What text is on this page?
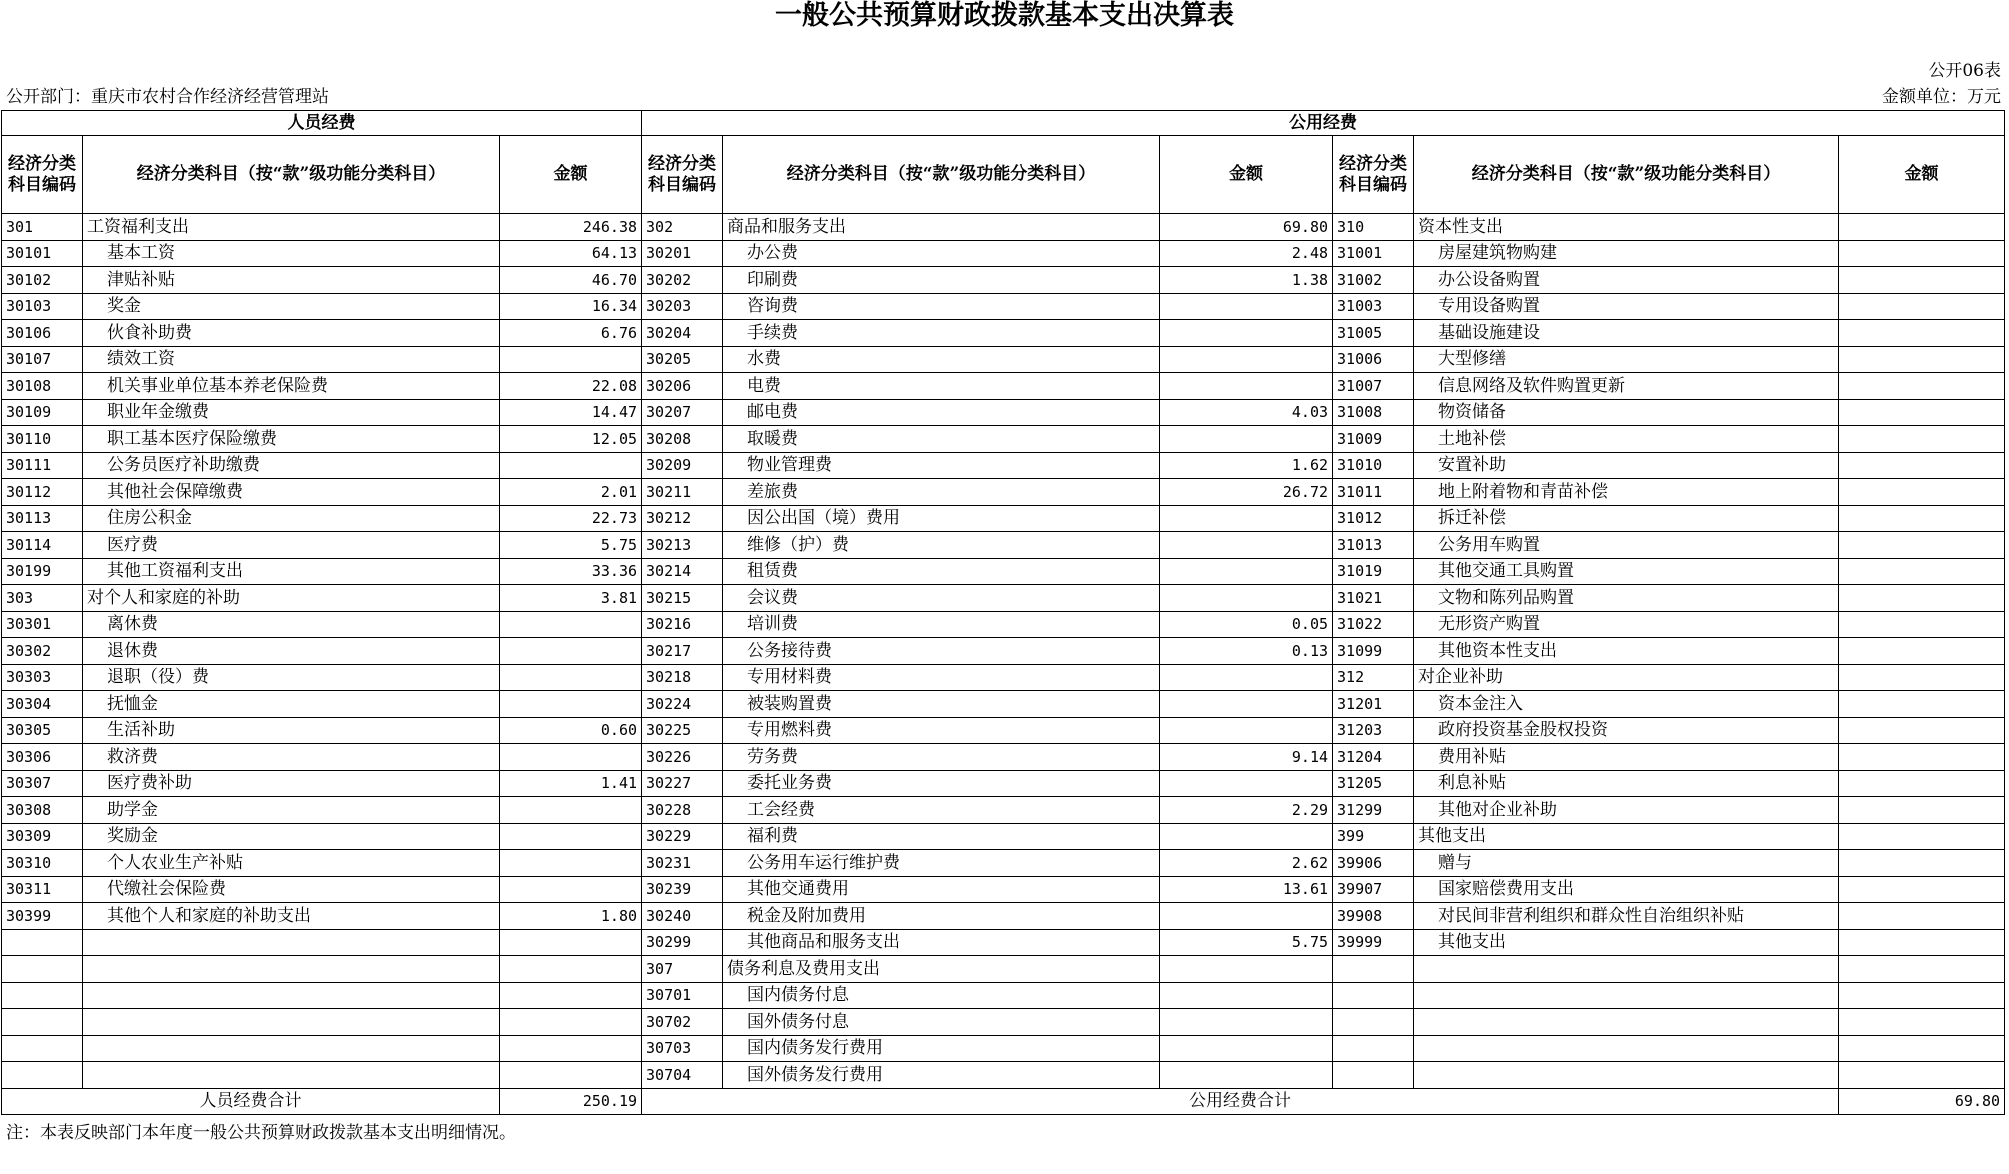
一般公共预算财政拨款基本支出决算表
公开06表
公开部门：重庆市农村合作经济经营管理站	金额单位：万元
人员经费			公用经费					
经济分类科目编码	经济分类科目（按“款”级功能分类科目）	金额	经济分类科目编码	经济分类科目（按“款”级功能分类科目）	金额	经济分类科目编码	经济分类科目（按“款”级功能分类科目）	金额
301	工资福利支出	246.38	302	商品和服务支出	69.80	310	资本性支出	
30101	基本工资	64.13	30201	办公费	2.48	31001	房屋建筑物购建	
30102	津贴补贴	46.70	30202	印刷费	1.38	31002	办公设备购置	
30103	奖金	16.34	30203	咨询费		31003	专用设备购置	
30106	伙食补助费	6.76	30204	手续费		31005	基础设施建设	
30107	绩效工资		30205	水费		31006	大型修缮	
30108	机关事业单位基本养老保险费	22.08	30206	电费		31007	信息网络及软件购置更新	
30109	职业年金缴费	14.47	30207	邮电费	4.03	31008	物资储备	
30110	职工基本医疗保险缴费	12.05	30208	取暖费		31009	土地补偿	
30111	公务员医疗补助缴费		30209	物业管理费	1.62	31010	安置补助	
30112	其他社会保障缴费	2.01	30211	差旅费	26.72	31011	地上附着物和青苗补偿	
30113	住房公积金	22.73	30212	因公出国（境）费用		31012	拆迁补偿	
30114	医疗费	5.75	30213	维修（护）费		31013	公务用车购置	
30199	其他工资福利支出	33.36	30214	租赁费		31019	其他交通工具购置	
303	对个人和家庭的补助	3.81	30215	会议费		31021	文物和陈列品购置	
30301	离休费		30216	培训费	0.05	31022	无形资产购置	
30302	退休费		30217	公务接待费	0.13	31099	其他资本性支出	
30303	退职（役）费		30218	专用材料费		312	对企业补助	
30304	抚恤金		30224	被装购置费		31201	资本金注入	
30305	生活补助	0.60	30225	专用燃料费		31203	政府投资基金股权投资	
30306	救济费		30226	劳务费	9.14	31204	费用补贴	
30307	医疗费补助	1.41	30227	委托业务费		31205	利息补贴	
30308	助学金		30228	工会经费	2.29	31299	其他对企业补助	
30309	奖励金		30229	福利费		399	其他支出	
30310	个人农业生产补贴		30231	公务用车运行维护费	2.62	39906	赠与	
30311	代缴社会保险费		30239	其他交通费用	13.61	39907	国家赔偿费用支出	
30399	其他个人和家庭的补助支出	1.80	30240	税金及附加费用		39908	对民间非营利组织和群众性自治组织补贴	
			30299	其他商品和服务支出	5.75	39999	其他支出	
			307	债务利息及费用支出				
			30701	国内债务付息				
			30702	国外债务付息				
			30703	国内债务发行费用				
			30704	国外债务发行费用				
人员经费合计		250.19	公用经费合计					69.80
注：本表反映部门本年度一般公共预算财政拨款基本支出明细情况。
